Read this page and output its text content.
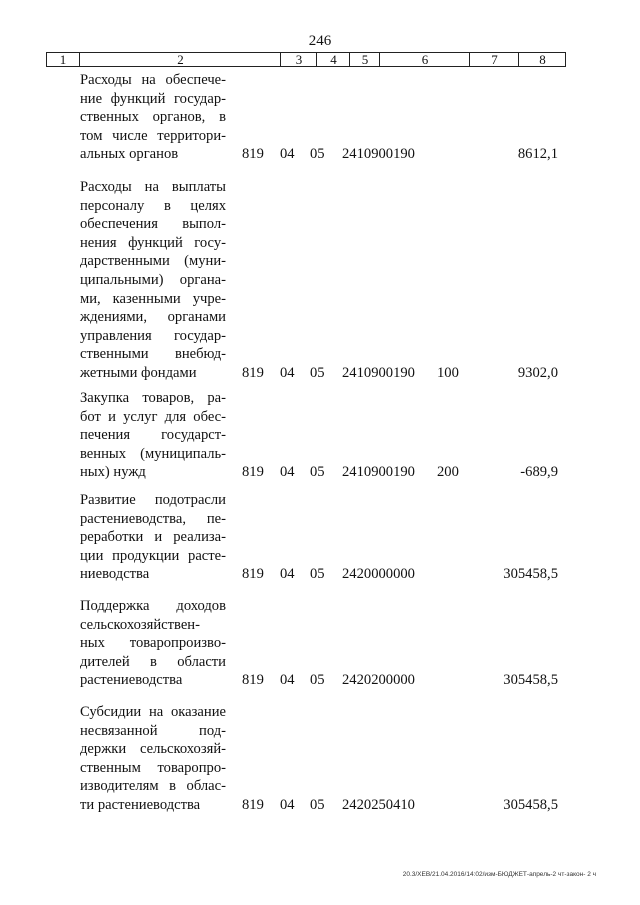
246
1	2	3	4	5	6	7	8
Расходы на обеспече-
ние функций государ-
ственных органов, в
том числе территори-
альных органов	819 04 05 2410900190	8612,1
Расходы на выплаты
персоналу в целях
обеспечения выпол-
нения функций госу-
дарственными (муни-
ципальными) органа-
ми, казенными учре-
ждениями, органами
управления государ-
ственными внебюд-
жетными фондами	819 04 05 2410900190 100	9302,0
Закупка товаров, ра-
бот и услуг для обес-
печения государст-
венных (муниципаль-
ных) нужд	819 04 05 2410900190 200	-689,9
Развитие подотрасли
растениеводства, пе-
реработки и реализа-
ции продукции расте-
ниеводства	819 04 05 2420000000	305458,5
Поддержка доходов
сельскохозяйствен-
ных товаропроизво-
дителей в области
растениеводства	819 04 05 2420200000	305458,5
Субсидии на оказание
несвязанной под-
держки сельскохозяй-
ственным товаропро-
изводителям в облас-
ти растениеводства	819 04 05 2420250410	305458,5
20.3/ХЕВ/21.04.2016/14:02/изм-БЮДЖЕТ-апрель-2 чт-закон- 2 ч
